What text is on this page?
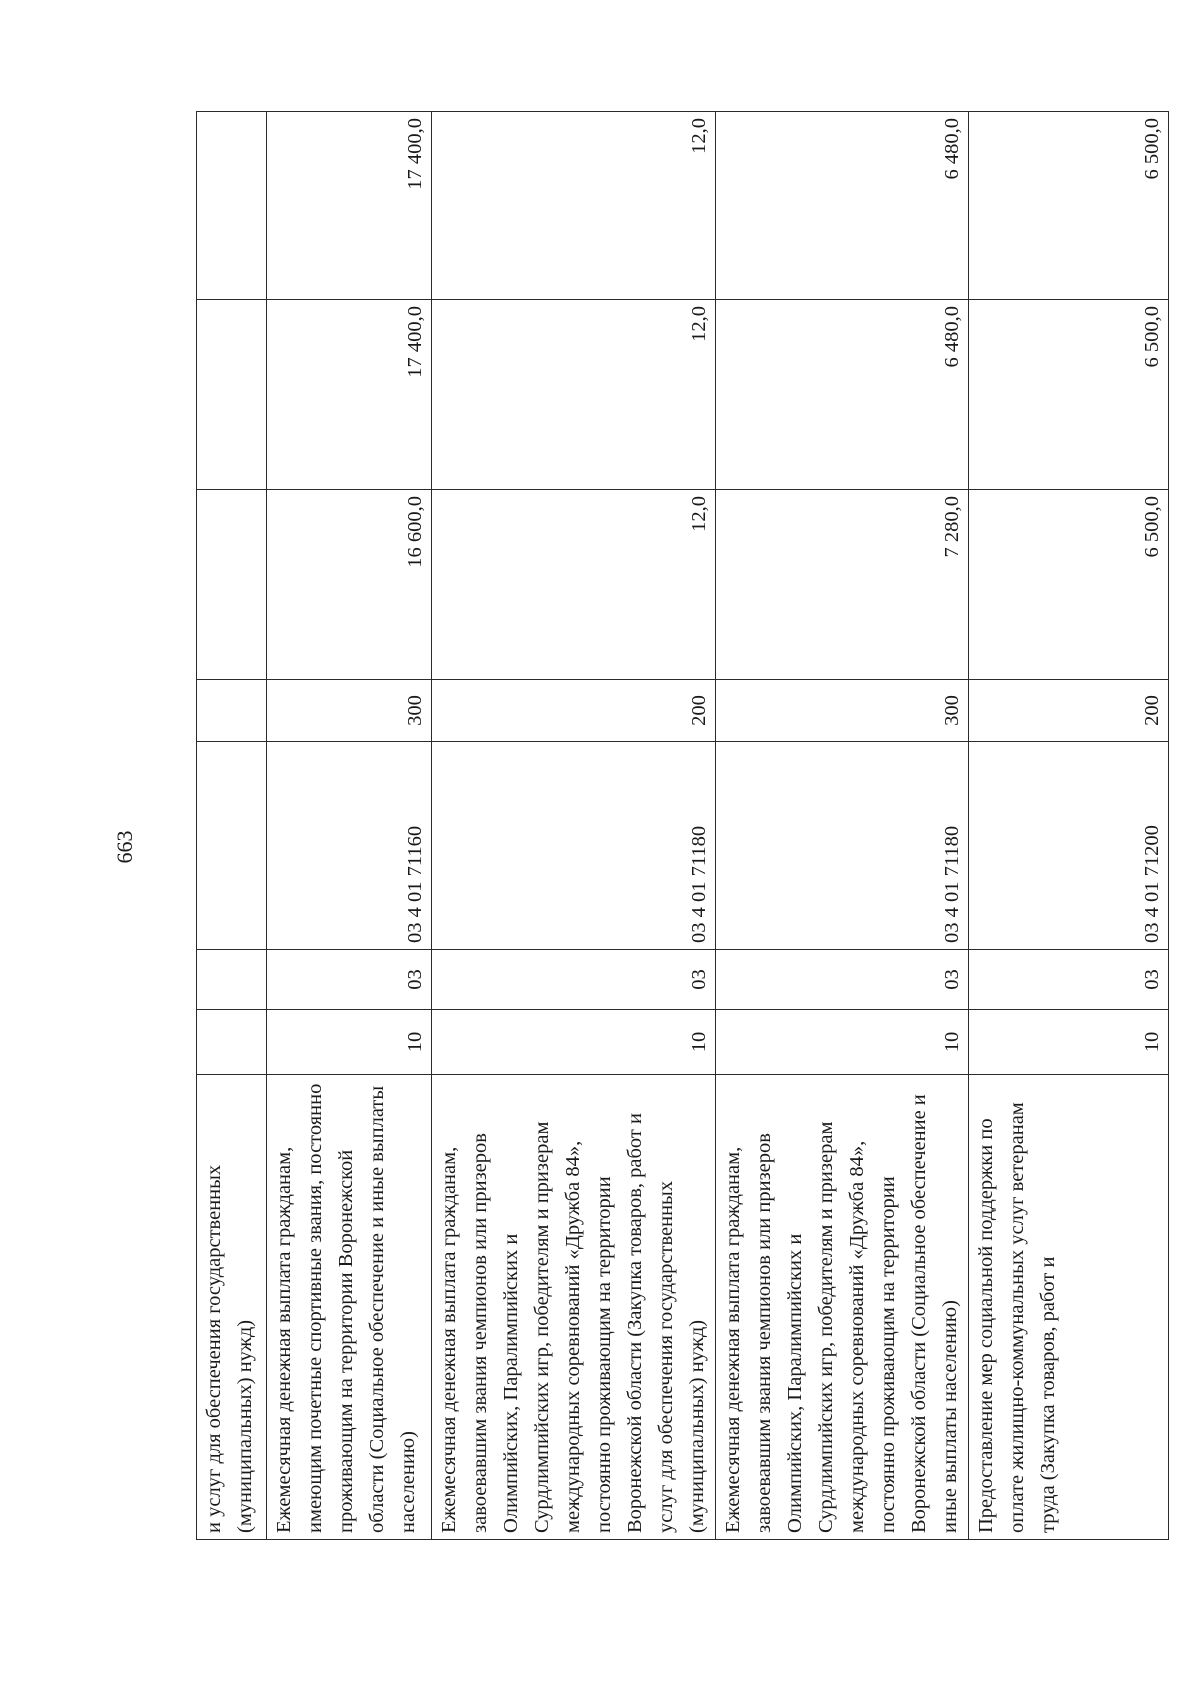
663
и услуг для обеспечения государственных (муниципальных) нужд)							
Ежемесячная денежная выплата гражданам, имеющим почетные спортивные звания, постоянно проживающим на территории Воронежской области (Социальное обеспечение и иные выплаты населению)	10	03	03 4 01 71160	300	16 600,0	17 400,0	17 400,0
Ежемесячная денежная выплата гражданам, завоевавшим звания чемпионов или призеров Олимпийских, Паралимпийских и Сурдлимпийских игр, победителям и призерам международных соревнований «Дружба 84», постоянно проживающим на территории Воронежской области (Закупка товаров, работ и услуг для обеспечения государственных (муниципальных) нужд)	10	03	03 4 01 71180	200	12,0	12,0	12,0
Ежемесячная денежная выплата гражданам, завоевавшим звания чемпионов или призеров Олимпийских, Паралимпийских и Сурдлимпийских игр, победителям и призерам международных соревнований «Дружба 84», постоянно проживающим на территории Воронежской области (Социальное обеспечение и иные выплаты населению)	10	03	03 4 01 71180	300	7 280,0	6 480,0	6 480,0
Предоставление мер социальной поддержки по оплате жилищно-коммунальных услуг ветеранам труда (Закупка товаров, работ и	10	03	03 4 01 71200	200	6 500,0	6 500,0	6 500,0
